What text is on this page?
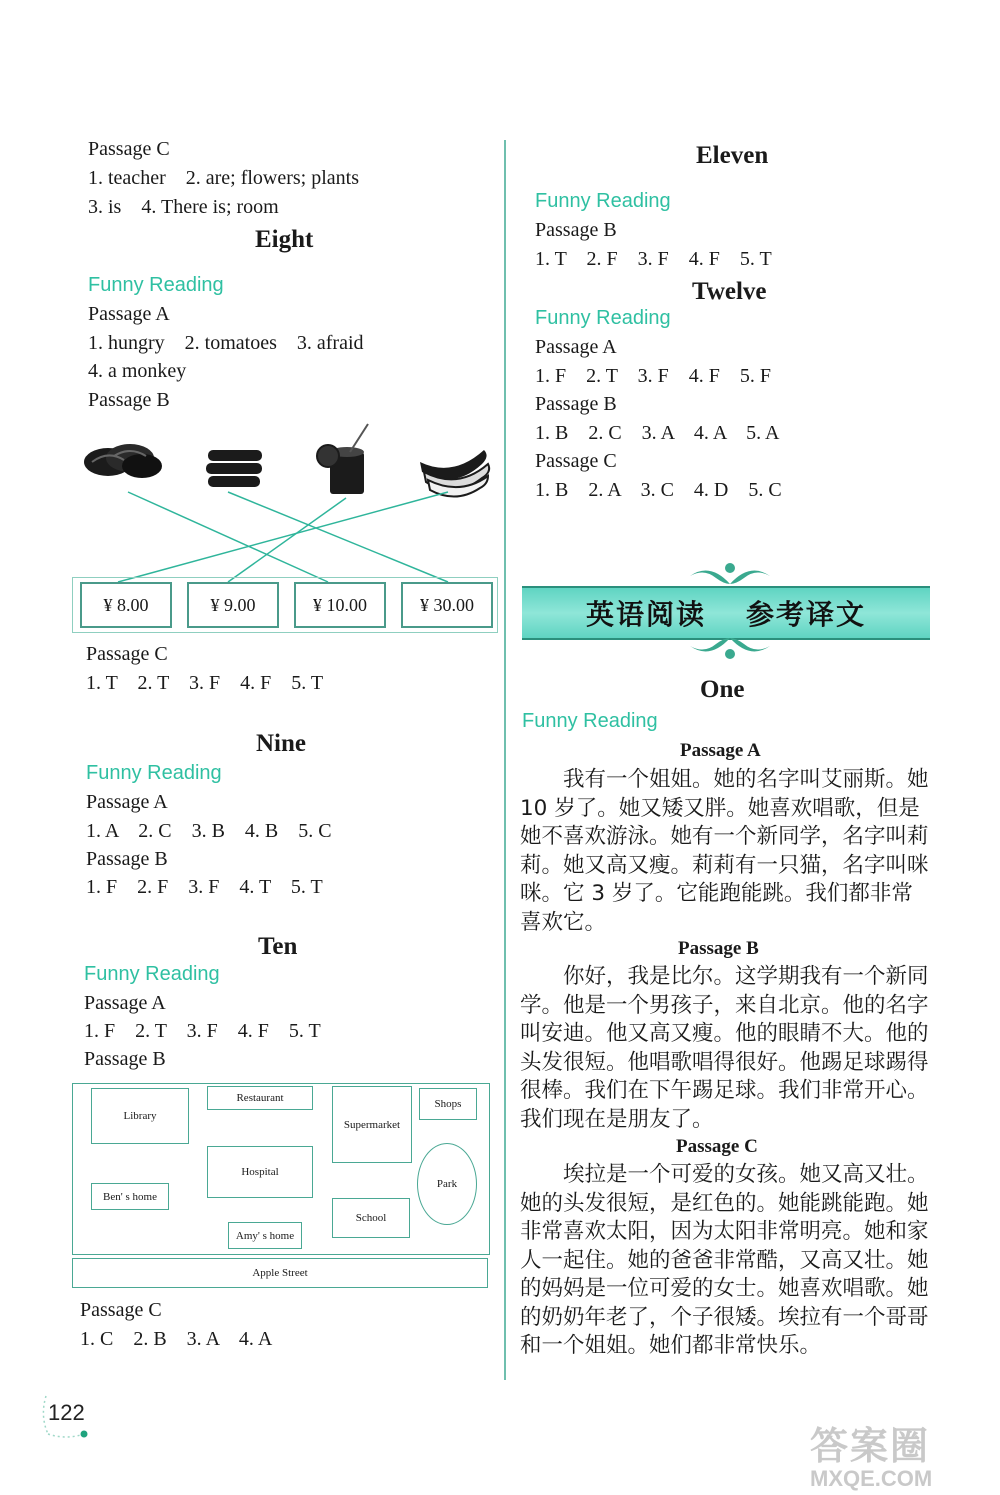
Passage C
1. teacher    2. are; flowers; plants
3. is    4. There is; room
Eight
Funny Reading
Passage A
1. hungry    2. tomatoes    3. afraid
4. a monkey
Passage B
¥ 8.00	¥ 9.00	¥ 10.00	¥ 30.00
Passage C
1. T    2. T    3. F    4. F    5. T
Nine
Funny Reading
Passage A
1. A    2. C    3. B    4. B    5. C
Passage B
1. F    2. F    3. F    4. T    5. T
Ten
Funny Reading
Passage A
1. F    2. T    3. F    4. F    5. T
Passage B
Library
Restaurant
Supermarket
Shops
Hospital
Ben' s home
Park
School
Amy' s home
Apple Street
Passage C
1. C    2. B    3. A    4. A
Eleven
Funny Reading
Passage B
1. T    2. F    3. F    4. F    5. T
Twelve
Funny Reading
Passage A
1. F    2. T    3. F    4. F    5. F
Passage B
1. B    2. C    3. A    4. A    5. A
Passage C
1. B    2. A    3. C    4. D    5. C
英语阅读 参考译文
One
Funny Reading
Passage A
我有一个姐姐。她的名字叫艾丽斯。她 10 岁了。她又矮又胖。她喜欢唱歌，但是她不喜欢游泳。她有一个新同学，名字叫莉莉。她又高又瘦。莉莉有一只猫，名字叫咪咪。它 3 岁了。它能跑能跳。我们都非常喜欢它。
Passage B
你好，我是比尔。这学期我有一个新同学。他是一个男孩子，来自北京。他的名字叫安迪。他又高又瘦。他的眼睛不大。他的头发很短。他唱歌唱得很好。他踢足球踢得很棒。我们在下午踢足球。我们非常开心。我们现在是朋友了。
Passage C
埃拉是一个可爱的女孩。她又高又壮。她的头发很短，是红色的。她能跳能跑。她非常喜欢太阳，因为太阳非常明亮。她和家人一起住。她的爸爸非常酷，又高又壮。她的妈妈是一位可爱的女士。她喜欢唱歌。她的奶奶年老了，个子很矮。埃拉有一个哥哥和一个姐姐。她们都非常快乐。
122
答案圈
MXQE.COM
